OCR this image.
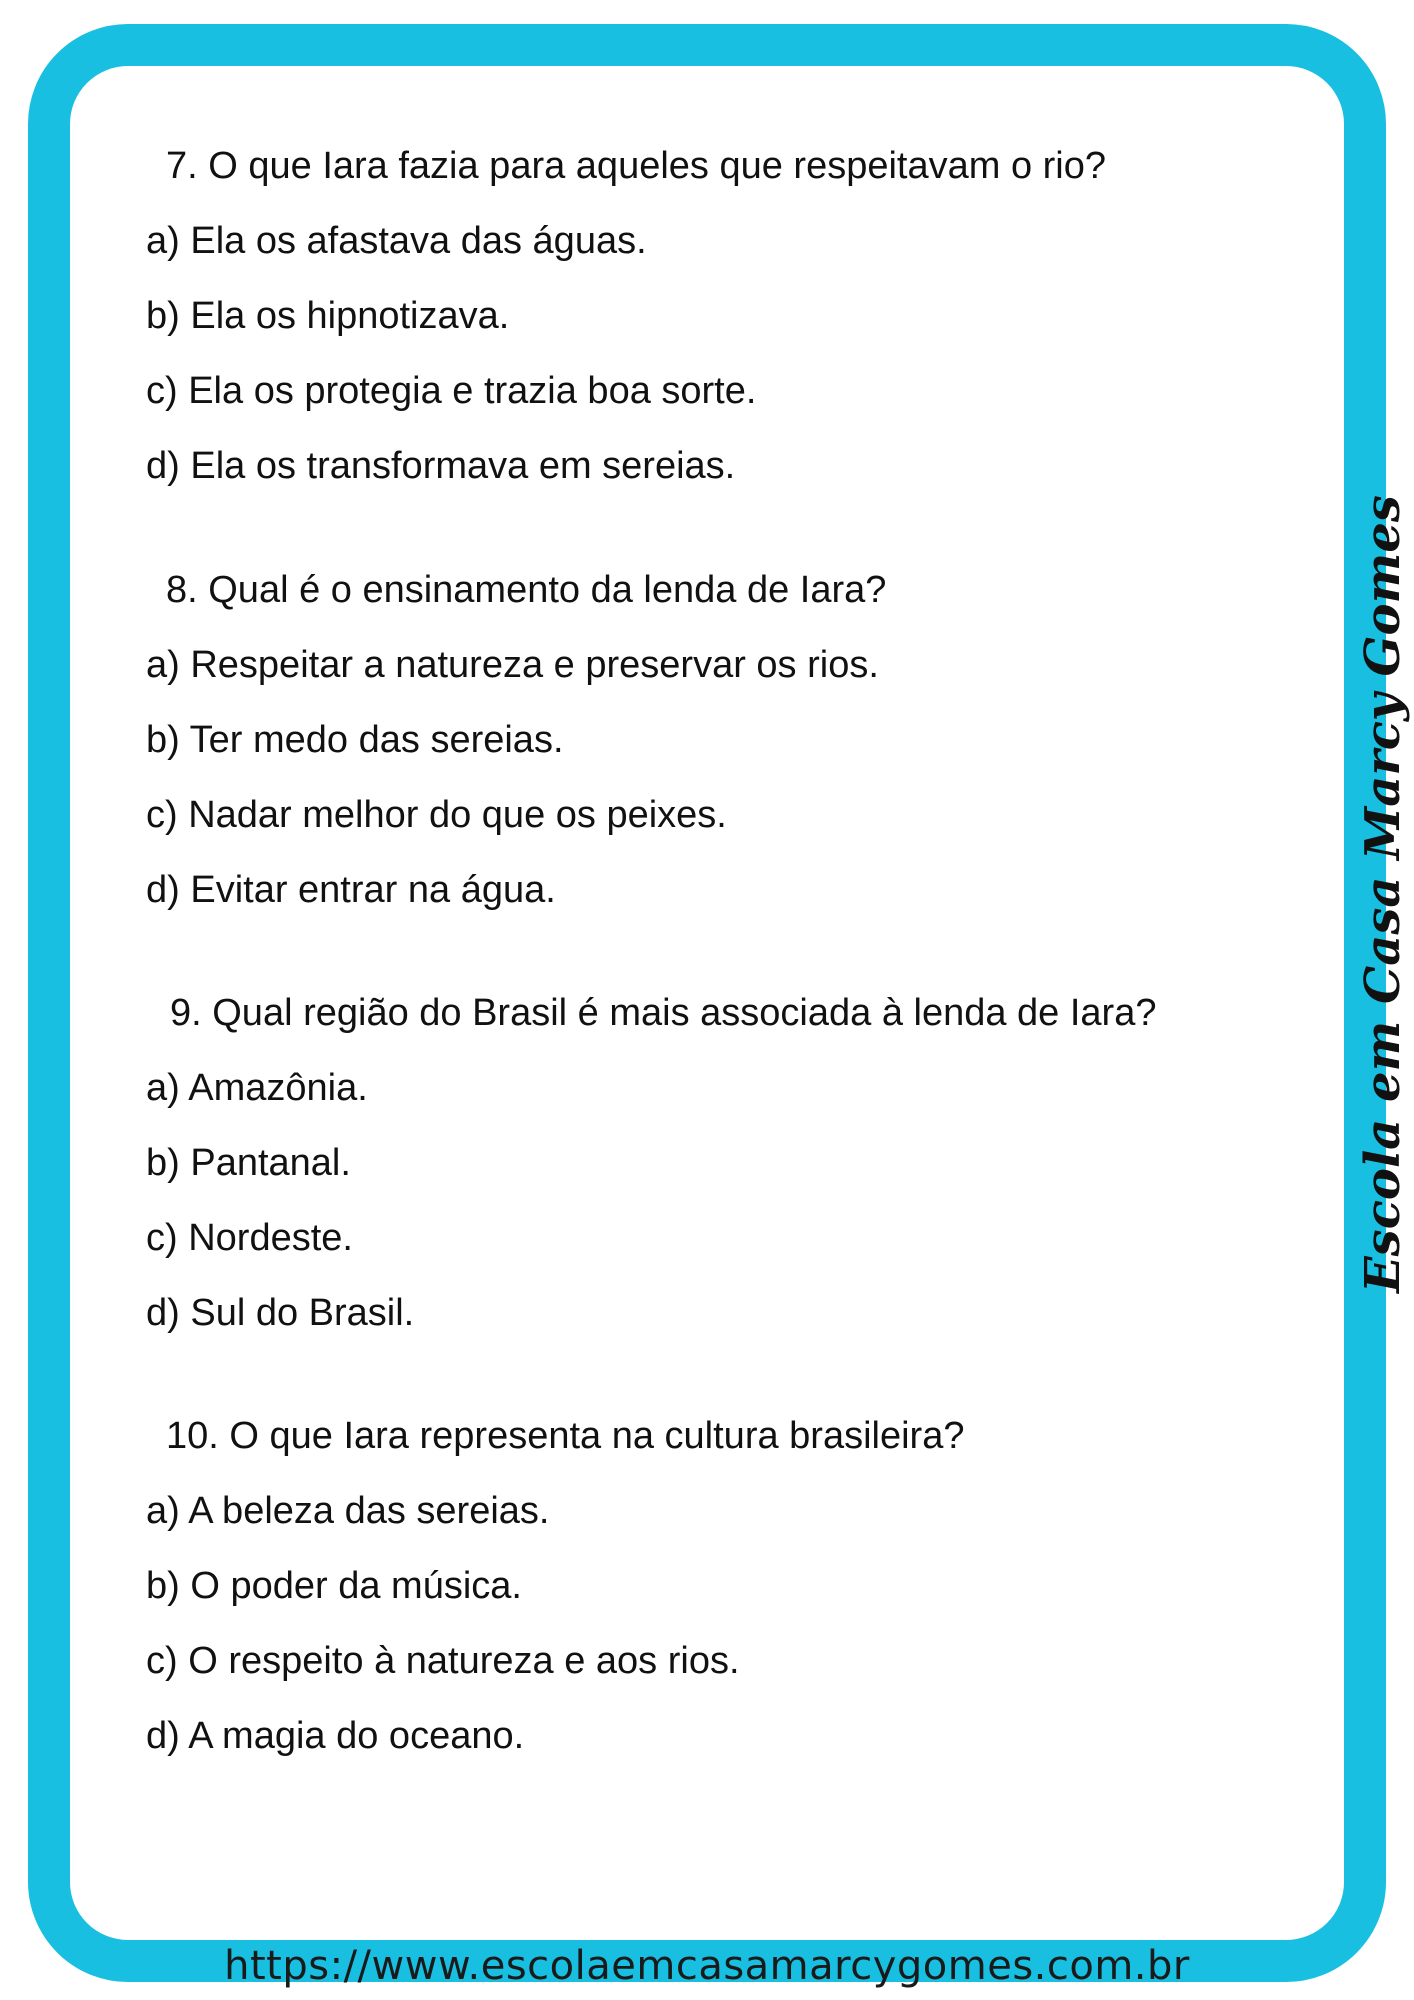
7. O que Iara fazia para aqueles que respeitavam o rio?
a) Ela os afastava das águas.
b) Ela os hipnotizava.
c) Ela os protegia e trazia boa sorte.
d) Ela os transformava em sereias.
8. Qual é o ensinamento da lenda de Iara?
a) Respeitar a natureza e preservar os rios.
b) Ter medo das sereias.
c) Nadar melhor do que os peixes.
d) Evitar entrar na água.
9. Qual região do Brasil é mais associada à lenda de Iara?
a) Amazônia.
b) Pantanal.
c) Nordeste.
d) Sul do Brasil.
10. O que Iara representa na cultura brasileira?
a) A beleza das sereias.
b) O poder da música.
c) O respeito à natureza e aos rios.
d) A magia do oceano.
Escola em Casa Marcy Gomes
https://www.escolaemcasamarcygomes.com.br
